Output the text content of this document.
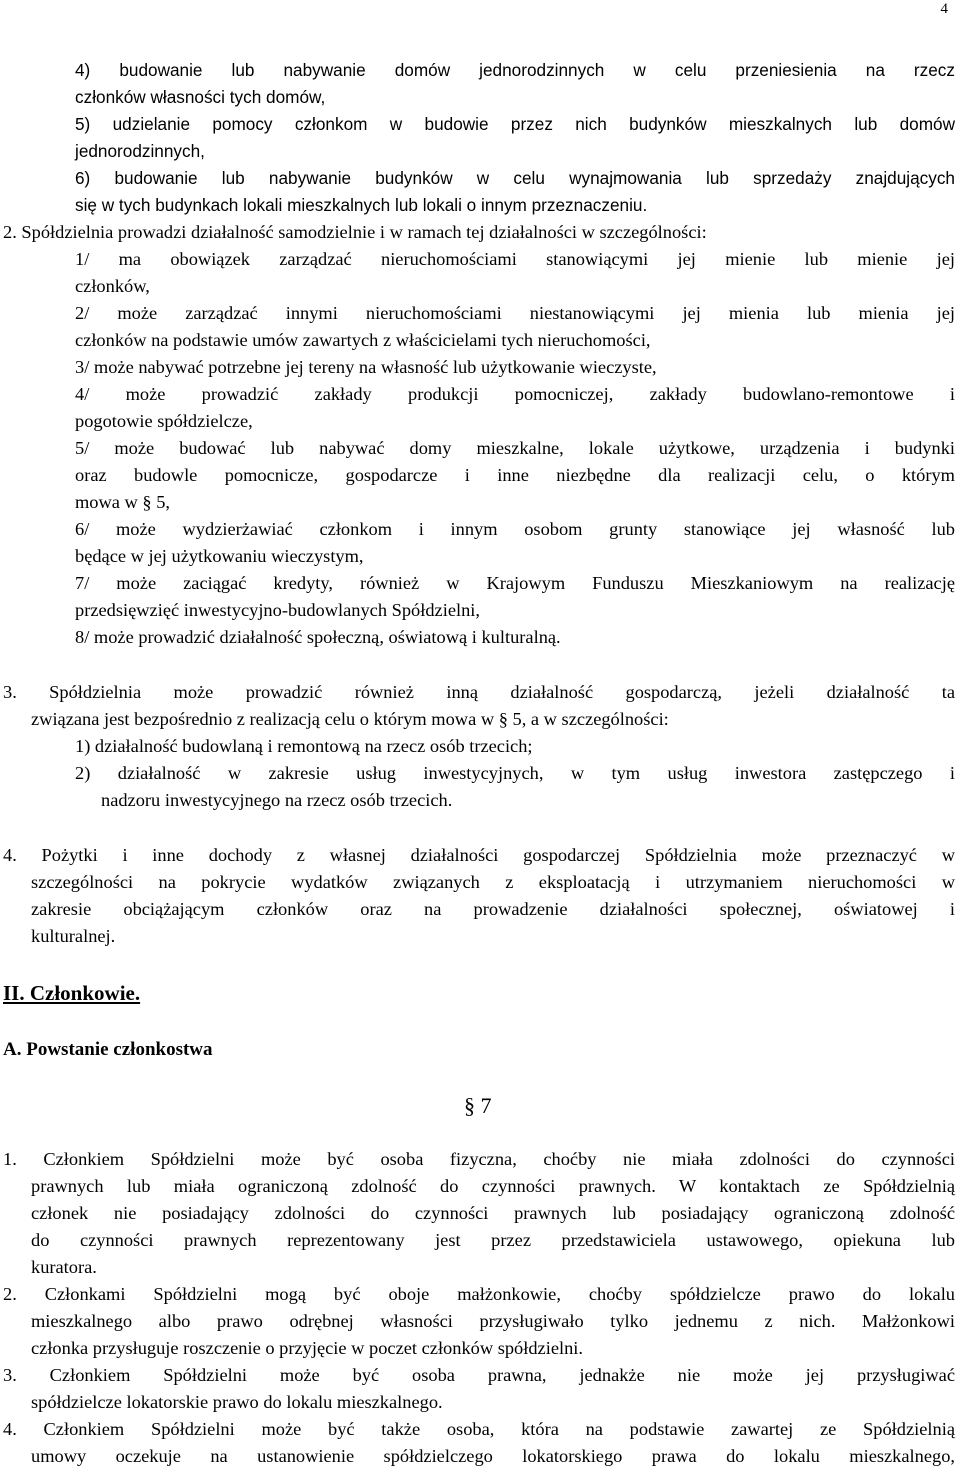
4
4) budowanie lub nabywanie domów jednorodzinnych w celu przeniesienia na rzecz
członków własności tych domów,
5) udzielanie pomocy członkom w budowie przez nich budynków mieszkalnych lub domów
jednorodzinnych,
6) budowanie lub nabywanie budynków w celu wynajmowania lub sprzedaży znajdujących
się w tych budynkach lokali mieszkalnych lub lokali o innym przeznaczeniu.
2. Spółdzielnia prowadzi działalność samodzielnie i w ramach tej działalności w szczególności:
1/ ma obowiązek zarządzać nieruchomościami stanowiącymi jej mienie lub mienie jej
członków,
2/ może zarządzać innymi nieruchomościami niestanowiącymi jej mienia lub mienia jej
członków na podstawie umów zawartych z właścicielami tych nieruchomości,
3/ może nabywać potrzebne jej tereny na własność lub użytkowanie wieczyste,
4/ może prowadzić zakłady produkcji pomocniczej, zakłady budowlano-remontowe i
pogotowie spółdzielcze,
5/ może budować lub nabywać domy mieszkalne, lokale użytkowe, urządzenia i budynki
oraz budowle pomocnicze, gospodarcze i inne niezbędne dla realizacji celu, o którym
mowa w § 5,
6/ może wydzierżawiać członkom i innym osobom grunty stanowiące jej własność lub
będące w jej użytkowaniu wieczystym,
7/ może zaciągać kredyty, również w Krajowym Funduszu Mieszkaniowym na realizację
przedsięwzięć inwestycyjno-budowlanych Spółdzielni,
8/ może prowadzić działalność społeczną, oświatową i kulturalną.
3. Spółdzielnia może prowadzić również inną działalność gospodarczą, jeżeli działalność ta
związana jest bezpośrednio z realizacją celu o którym mowa w § 5, a w szczególności:
1) działalność budowlaną i remontową na rzecz osób trzecich;
2) działalność w zakresie usług inwestycyjnych, w tym usług inwestora zastępczego i
nadzoru inwestycyjnego na rzecz osób trzecich.
4. Pożytki i inne dochody z własnej działalności gospodarczej Spółdzielnia może przeznaczyć w
szczególności na pokrycie wydatków związanych z eksploatacją i utrzymaniem nieruchomości w
zakresie obciążającym członków oraz na prowadzenie działalności społecznej, oświatowej i
kulturalnej.
II. Członkowie.
A. Powstanie członkostwa
§ 7
1. Członkiem Spółdzielni może być osoba fizyczna, choćby nie miała zdolności do czynności
prawnych lub miała ograniczoną zdolność do czynności prawnych. W kontaktach ze Spółdzielnią
członek nie posiadający zdolności do czynności prawnych lub posiadający ograniczoną zdolność
do czynności prawnych reprezentowany jest przez przedstawiciela ustawowego, opiekuna lub
kuratora.
2. Członkami Spółdzielni mogą być oboje małżonkowie, choćby spółdzielcze prawo do lokalu
mieszkalnego albo prawo odrębnej własności przysługiwało tylko jednemu z nich. Małżonkowi
członka przysługuje roszczenie o przyjęcie w poczet członków spółdzielni.
3. Członkiem Spółdzielni może być osoba prawna, jednakże nie może jej przysługiwać
spółdzielcze lokatorskie prawo do lokalu mieszkalnego.
4. Członkiem Spółdzielni może być także osoba, która na podstawie zawartej ze Spółdzielnią
umowy oczekuje na ustanowienie spółdzielczego lokatorskiego prawa do lokalu mieszkalnego,
